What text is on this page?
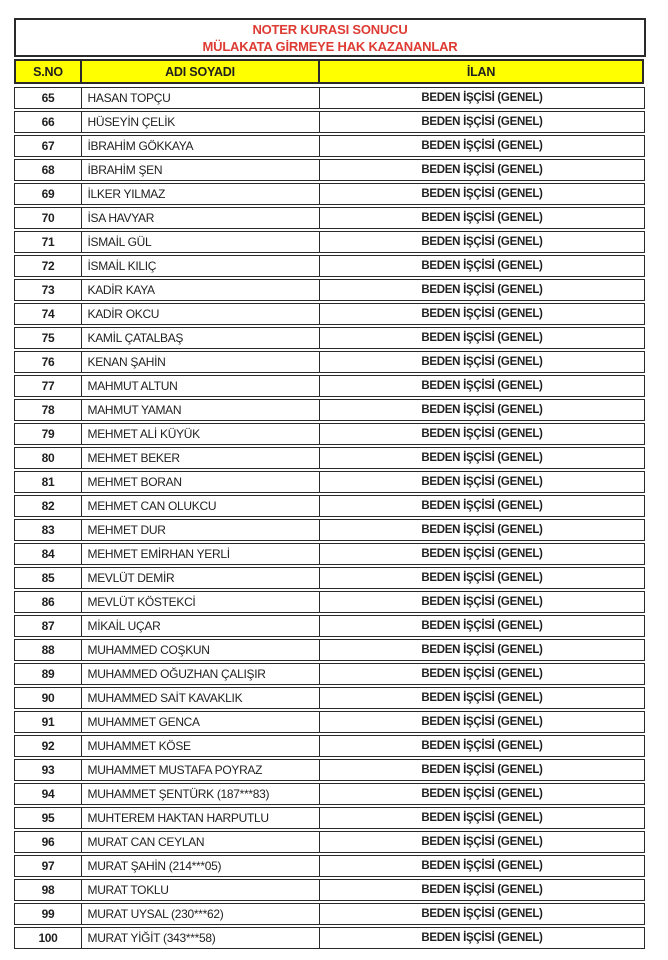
NOTER KURASI SONUCU
MÜLAKATA GİRMEYE HAK KAZANANLAR
S.NO	ADI SOYADI	İLAN
65	HASAN TOPÇU	BEDEN İŞÇİSİ (GENEL)
66	HÜSEYİN ÇELİK	BEDEN İŞÇİSİ (GENEL)
67	İBRAHİM GÖKKAYA	BEDEN İŞÇİSİ (GENEL)
68	İBRAHİM ŞEN	BEDEN İŞÇİSİ (GENEL)
69	İLKER YILMAZ	BEDEN İŞÇİSİ (GENEL)
70	İSA HAVYAR	BEDEN İŞÇİSİ (GENEL)
71	İSMAİL GÜL	BEDEN İŞÇİSİ (GENEL)
72	İSMAİL KILIÇ	BEDEN İŞÇİSİ (GENEL)
73	KADİR KAYA	BEDEN İŞÇİSİ (GENEL)
74	KADİR OKCU	BEDEN İŞÇİSİ (GENEL)
75	KAMİL ÇATALBAŞ	BEDEN İŞÇİSİ (GENEL)
76	KENAN ŞAHİN	BEDEN İŞÇİSİ (GENEL)
77	MAHMUT ALTUN	BEDEN İŞÇİSİ (GENEL)
78	MAHMUT YAMAN	BEDEN İŞÇİSİ (GENEL)
79	MEHMET ALİ KÜYÜK	BEDEN İŞÇİSİ (GENEL)
80	MEHMET BEKER	BEDEN İŞÇİSİ (GENEL)
81	MEHMET BORAN	BEDEN İŞÇİSİ (GENEL)
82	MEHMET CAN OLUKCU	BEDEN İŞÇİSİ (GENEL)
83	MEHMET DUR	BEDEN İŞÇİSİ (GENEL)
84	MEHMET EMİRHAN YERLİ	BEDEN İŞÇİSİ (GENEL)
85	MEVLÜT DEMİR	BEDEN İŞÇİSİ (GENEL)
86	MEVLÜT KÖSTEKCİ	BEDEN İŞÇİSİ (GENEL)
87	MİKAİL UÇAR	BEDEN İŞÇİSİ (GENEL)
88	MUHAMMED COŞKUN	BEDEN İŞÇİSİ (GENEL)
89	MUHAMMED OĞUZHAN ÇALIŞIR	BEDEN İŞÇİSİ (GENEL)
90	MUHAMMED SAİT KAVAKLIK	BEDEN İŞÇİSİ (GENEL)
91	MUHAMMET GENCA	BEDEN İŞÇİSİ (GENEL)
92	MUHAMMET KÖSE	BEDEN İŞÇİSİ (GENEL)
93	MUHAMMET MUSTAFA POYRAZ	BEDEN İŞÇİSİ (GENEL)
94	MUHAMMET ŞENTÜRK (187***83)	BEDEN İŞÇİSİ (GENEL)
95	MUHTEREM HAKTAN HARPUTLU	BEDEN İŞÇİSİ (GENEL)
96	MURAT CAN CEYLAN	BEDEN İŞÇİSİ (GENEL)
97	MURAT ŞAHİN (214***05)	BEDEN İŞÇİSİ (GENEL)
98	MURAT TOKLU	BEDEN İŞÇİSİ (GENEL)
99	MURAT UYSAL (230***62)	BEDEN İŞÇİSİ (GENEL)
100	MURAT YİĞİT (343***58)	BEDEN İŞÇİSİ (GENEL)
